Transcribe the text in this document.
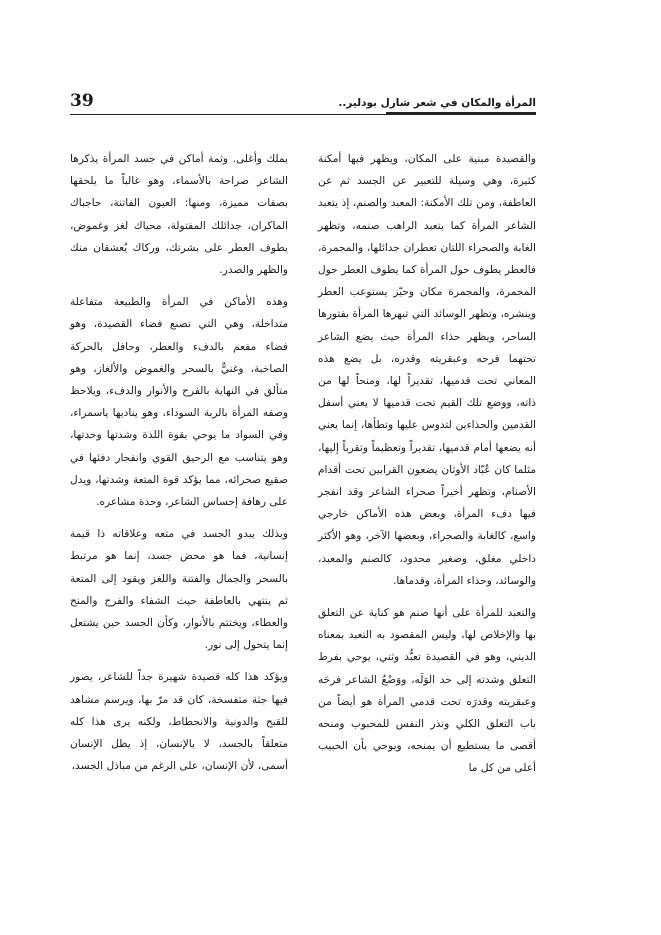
39	المرأة والمكان في شعر شارل بودلير..

والقصيدة مبنية على المكان، ويظهر فيها أمكنة كثيرة، وهي وسيلة للتعبير عن الجسد ثم عن العاطفة، ومن تلك الأمكنة: المعبد والصنم، إذ يتعبد الشاعر المرأة كما يتعبد الراهب صنمه، وتظهر الغابة والصحراء اللتان تعطران جدائلها، والمجمرة، فالعطر يطوف حول المرأة كما يطوف العطر حول المجمرة، والمجمرة مكان وحيّز يستوعب العطر وينشره، وتظهر الوسائد التي تبهرها المرأة بفتورها الساحر، ويظهر حذاء المرأة حيث يضع الشاعر تحتهما فرحه وعبقريته وقدره، بل يضع هذه المعاني تحت قدميها، تقديراً لها، ومنحاً لها من ذاته، ووضع تلك القيم تحت قدميها لا يعني أسفل القدمين والحذاءين لتدوس عليها وتطأها، إنما يعني أنه يضعها أمام قدميها، تقديراً وتعظيماً وتقرباً إليها، مثلما كان عُبّاد الأوثان يضعون القرابين تحت أقدام الأصنام، وتظهر أخيراً صحراء الشاعر وقد انفجر فيها دفء المرأة، وبعض هذه الأماكن خارجي واسع، كالغابة والصحراء، وبعضها الآخر، وهو الأكثر داخلي مغلق، وصغير محدود، كالصنم والمعبد، والوسائد، وحذاء المرأة، وقدماها.

والتعبد للمرأة على أنها صنم هو كناية عن التعلق بها والإخلاص لها، وليس المقصود به التعبد بمعناه الديني، وهو في القصيدة تعبُّد وثني، يوحي بفرط التعلق وشدته إلى حد الوَلَه، ووَضْعُ الشاعر فرحَه وعبقريته وقدرَه تحت قدمي المرأة هو أيضاً من باب التعلق الكلي ونذر النفس للمحبوب ومنحه أقصى ما يستطيع أن يمنحه، ويوحي بأن الحبيب أعلى من كل ما

يملك وأغلى. وثمة أماكن في جسد المرأة يذكرها الشاعر صراحة بالأسماء، وهو غالباً ما يلحقها بصفات مميزة، ومنها: العيون الفاتنة، حاجباك الماكران، جدائلك المفتولة، محياك لغز وغموض، يطوف العطر على بشرتك، وركاك يُعشقان منك والظهر والصدر.

وهذه الأماكن في المرأة والطبيعة متفاعلة متداخلة، وهي التي تصنع فضاء القصيدة، وهو فضاء مفعم بالدفء والعطر، وحافل بالحركة الصاخبة، وغنيٌّ بالسحر والغموض والألغاز، وهو متألق في النهاية بالفرح والأنوار والدفء، ويلاحظ وصفه المرأة بالربة السوداء، وهو يناديها ياسمراء، وفي السواد ما يوحي بقوة اللذة وشدتها وحدتها، وهو يتناسب مع الرحيق القوي وانفجار دفئها في صقيع صحرائه، مما يؤكد قوة المتعة وشدتها، ويدل على رهافة إحساس الشاعر، وحدة مشاعره.

وبذلك يبدو الجسد في متعه وعلاقاته ذا قيمة إنسانية، فما هو محض جسد، إنما هو مرتبط بالسحر والجمال والفتنة واللغز ويقود إلى المتعة ثم ينتهي بالعاطفة حيث الشفاء والفرح والمنح والعطاء، ويختتم بالأنوار، وكأن الجسد حين يشتعل إنما يتحول إلى نور.

ويؤكد هذا كله قصيدة شهيرة جداً للشاعر، يصور فيها جثة متفسخة، كان قد مرّ بها، ويرسم مشاهد للقبح والدونية والانحطاط، ولكنه يرى هذا كله متعلقاً بالجسد، لا بالإنسان، إذ يظل الإنسان أسمى، لأن الإنسان، على الرغم من مباذل الجسد،
